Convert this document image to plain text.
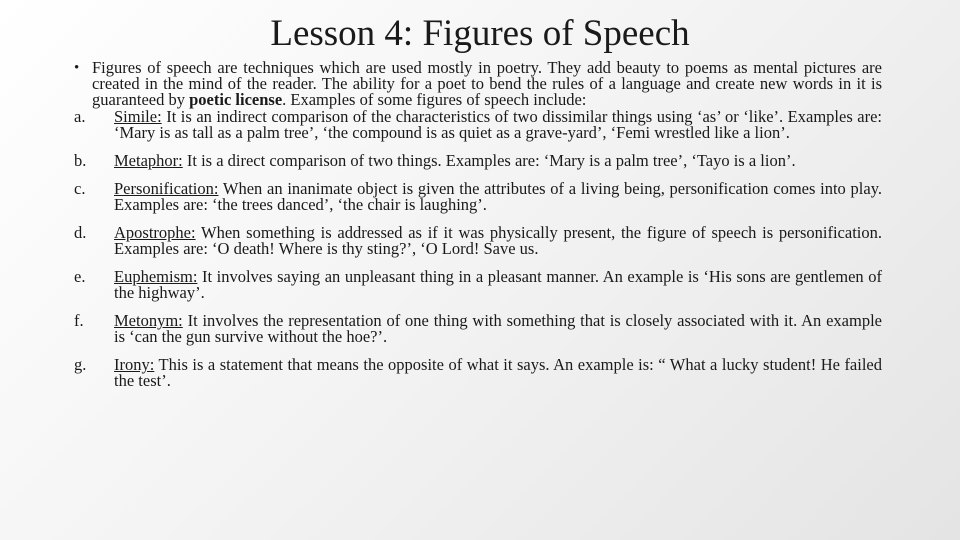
Lesson 4: Figures of Speech
• Figures of speech are techniques which are used mostly in poetry. They add beauty to poems as mental pictures are created in the mind of the reader. The ability for a poet to bend the rules of a language and create new words in it is guaranteed by poetic license. Examples of some figures of speech include:
a. Simile: It is an indirect comparison of the characteristics of two dissimilar things using ‘as’ or ‘like’. Examples are: ‘Mary is as tall as a palm tree’, ‘the compound is as quiet as a grave-yard’, ‘Femi wrestled like a lion’.
b. Metaphor: It is a direct comparison of two things. Examples are: ‘Mary is a palm tree’, ‘Tayo is a lion’.
c. Personification: When an inanimate object is given the attributes of a living being, personification comes into play. Examples are: ‘the trees danced’, ‘the chair is laughing’.
d. Apostrophe: When something is addressed as if it was physically present, the figure of speech is personification. Examples are: ‘O death! Where is thy sting?’, ‘O Lord! Save us.
e. Euphemism: It involves saying an unpleasant thing in a pleasant manner. An example is ‘His sons are gentlemen of the highway’.
f. Metonym: It involves the representation of one thing with something that is closely associated with it. An example is ‘can the gun survive without the hoe?’.
g. Irony: This is a statement that means the opposite of what it says. An example is: “ What a lucky student! He failed the test’.
